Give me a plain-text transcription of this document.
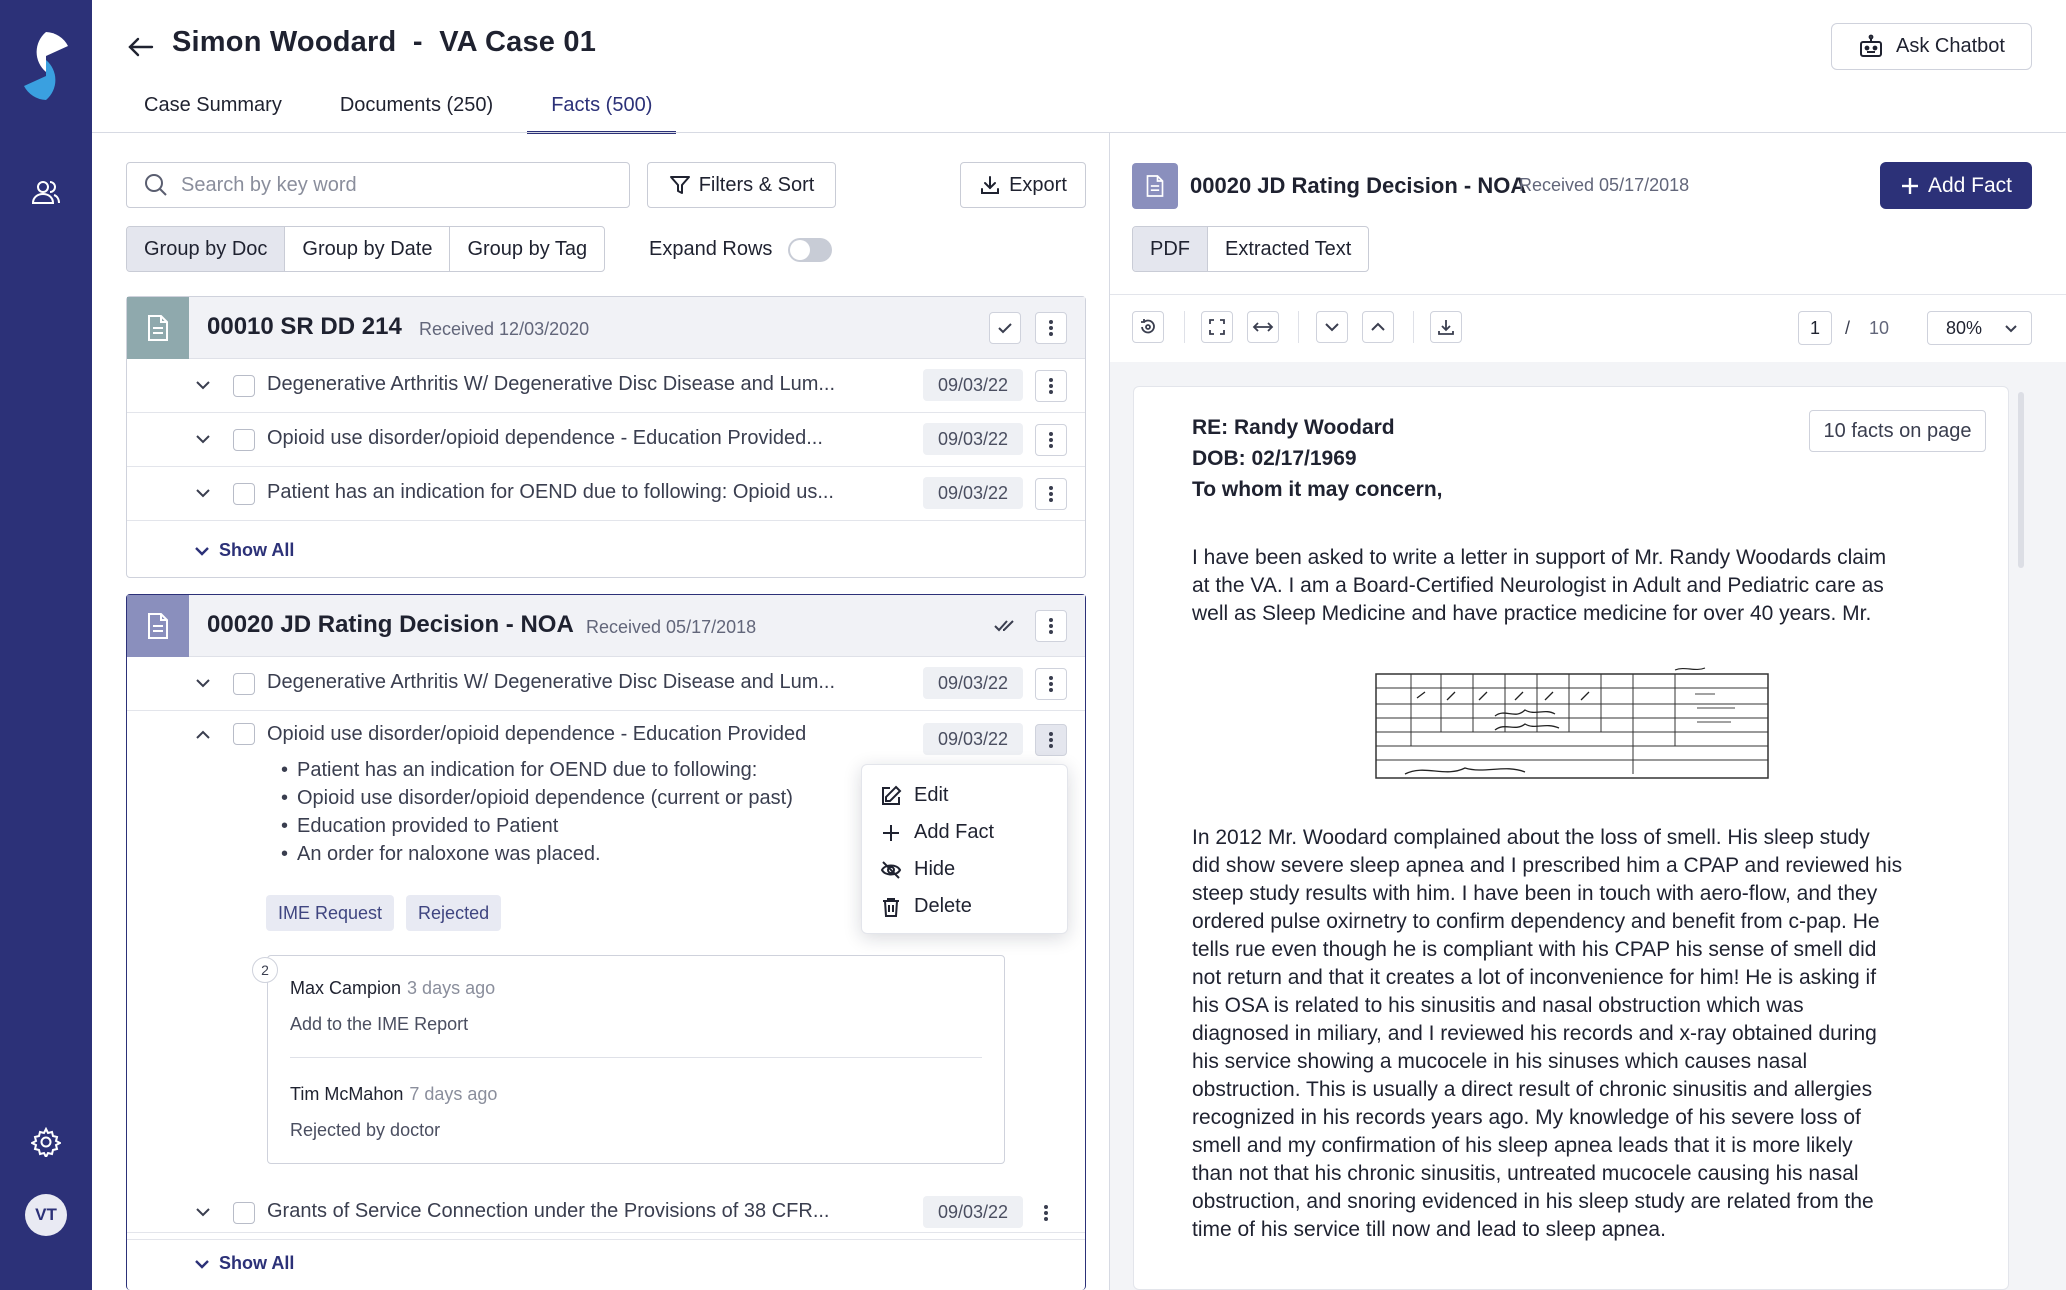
VT
Simon Woodard  -  VA Case 01	Ask Chatbot
Case Summary	Documents (250)	Facts (500)
Search by key word
Filters & Sort	Export
Group by Doc	Group by Date	Group by Tag	Expand Rows
00010 SR DD 214 Received 12/03/2020
Degenerative Arthritis W/ Degenerative Disc Disease and Lum...	09/03/22
Opioid use disorder/opioid dependence - Education Provided...	09/03/22
Patient has an indication for OEND due to following: Opioid us...	09/03/22
Show All
00020 JD Rating Decision - NOA Received 05/17/2018
Degenerative Arthritis W/ Degenerative Disc Disease and Lum...	09/03/22
Opioid use disorder/opioid dependence - Education Provided	09/03/22
• Patient has an indication for OEND due to following:
• Opioid use disorder/opioid dependence (current or past)
• Education provided to Patient
• An order for naloxone was placed.
IME Request	Rejected
Max Campion 3 days ago
Add to the IME Report
Tim McMahon 7 days ago
Rejected by doctor
2
Grants of Service Connection under the Provisions of 38 CFR...	09/03/22
Show All
Edit
Add Fact
Hide
Delete
00020 JD Rating Decision - NOA
Received 05/17/2018	Add Fact
PDF	Extracted Text
1	/ 10	80%
10 facts on page
RE: Randy Woodard
DOB: 02/17/1969
To whom it may concern,
I have been asked to write a letter in support of Mr. Randy Woodards claim
at the VA. I am a Board-Certified Neurologist in Adult and Pediatric care as
well as Sleep Medicine and have practice medicine for over 40 years. Mr.
In 2012 Mr. Woodard complained about the loss of smell. His sleep study
did show severe sleep apnea and I prescribed him a CPAP and reviewed his
steep study results with him. I have been in touch with aero-flow, and they
ordered pulse oxirnetry to confirm dependency and benefit from c-pap. He
tells rue even though he is compliant with his CPAP his sense of smell did
not return and that it creates a lot of inconvenience for him! He is asking if
his OSA is related to his sinusitis and nasal obstruction which was
diagnosed in miliary, and I reviewed his records and x-ray obtained during
his service showing a mucocele in his sinuses which causes nasal
obstruction. This is usually a direct result of chronic sinusitis and allergies
recognized in his records years ago. My knowledge of his severe loss of
smell and my confirmation of his sleep apnea leads that it is more likely
than not that his chronic sinusitis, untreated mucocele causing his nasal
obstruction, and snoring evidenced in his sleep study are related from the
time of his service till now and lead to sleep apnea.
